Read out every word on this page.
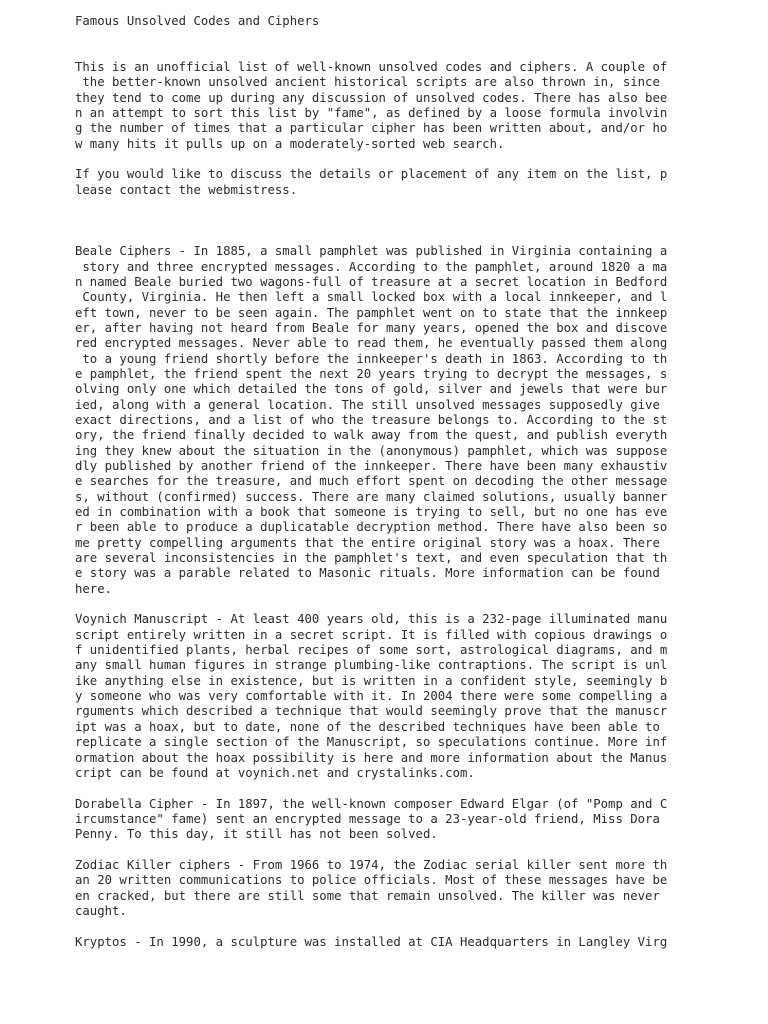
Famous Unsolved Codes and Ciphers
This is an unofficial list of well-known unsolved codes and ciphers. A couple of
the better-known unsolved ancient historical scripts are also thrown in, since
they tend to come up during any discussion of unsolved codes. There has also bee
n an attempt to sort this list by "fame", as defined by a loose formula involvin
g the number of times that a particular cipher has been written about, and/or ho
w many hits it pulls up on a moderately-sorted web search.
If you would like to discuss the details or placement of any item on the list, p
lease contact the webmistress.
Beale Ciphers - In 1885, a small pamphlet was published in Virginia containing a
story and three encrypted messages. According to the pamphlet, around 1820 a ma
n named Beale buried two wagons-full of treasure at a secret location in Bedford
County, Virginia. He then left a small locked box with a local innkeeper, and l
eft town, never to be seen again. The pamphlet went on to state that the innkeep
er, after having not heard from Beale for many years, opened the box and discove
red encrypted messages. Never able to read them, he eventually passed them along
to a young friend shortly before the innkeeper's death in 1863. According to th
e pamphlet, the friend spent the next 20 years trying to decrypt the messages, s
olving only one which detailed the tons of gold, silver and jewels that were bur
ied, along with a general location. The still unsolved messages supposedly give
exact directions, and a list of who the treasure belongs to. According to the st
ory, the friend finally decided to walk away from the quest, and publish everyth
ing they knew about the situation in the (anonymous) pamphlet, which was suppose
dly published by another friend of the innkeeper. There have been many exhaustiv
e searches for the treasure, and much effort spent on decoding the other message
s, without (confirmed) success. There are many claimed solutions, usually banner
ed in combination with a book that someone is trying to sell, but no one has eve
r been able to produce a duplicatable decryption method. There have also been so
me pretty compelling arguments that the entire original story was a hoax. There
are several inconsistencies in the pamphlet's text, and even speculation that th
e story was a parable related to Masonic rituals. More information can be found
here.
Voynich Manuscript - At least 400 years old, this is a 232-page illuminated manu
script entirely written in a secret script. It is filled with copious drawings o
f unidentified plants, herbal recipes of some sort, astrological diagrams, and m
any small human figures in strange plumbing-like contraptions. The script is unl
ike anything else in existence, but is written in a confident style, seemingly b
y someone who was very comfortable with it. In 2004 there were some compelling a
rguments which described a technique that would seemingly prove that the manuscr
ipt was a hoax, but to date, none of the described techniques have been able to
replicate a single section of the Manuscript, so speculations continue. More inf
ormation about the hoax possibility is here and more information about the Manus
cript can be found at voynich.net and crystalinks.com.
Dorabella Cipher - In 1897, the well-known composer Edward Elgar (of "Pomp and C
ircumstance" fame) sent an encrypted message to a 23-year-old friend, Miss Dora
Penny. To this day, it still has not been solved.
Zodiac Killer ciphers - From 1966 to 1974, the Zodiac serial killer sent more th
an 20 written communications to police officials. Most of these messages have be
en cracked, but there are still some that remain unsolved. The killer was never
caught.
Kryptos - In 1990, a sculpture was installed at CIA Headquarters in Langley Virg
